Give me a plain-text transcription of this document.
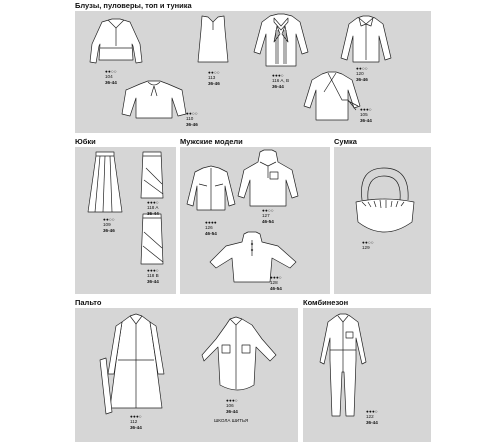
Блузы, пуловеры, топ и туника
Юбки	Мужские модели	Сумка
Пальто	Комбинезон
●●○○
104
36-44
●●○○
113
36-46
●●●○
116 A, B
36-44
●●○○
120
36-46
●●○○
110
36-46
●●●○
105
36-44
●●○○
109
36-46
●●●○
118 A
36-44
●●●○
118 B
36-44
●●●●
126
46-54
●●○○
127
46-54
●●●○
128
46-54
●●○○
129
●●●○
112
36-44
●●●○
106
36-44
ШКОЛА ШИТЬЯ
●●●○
122
36-44
